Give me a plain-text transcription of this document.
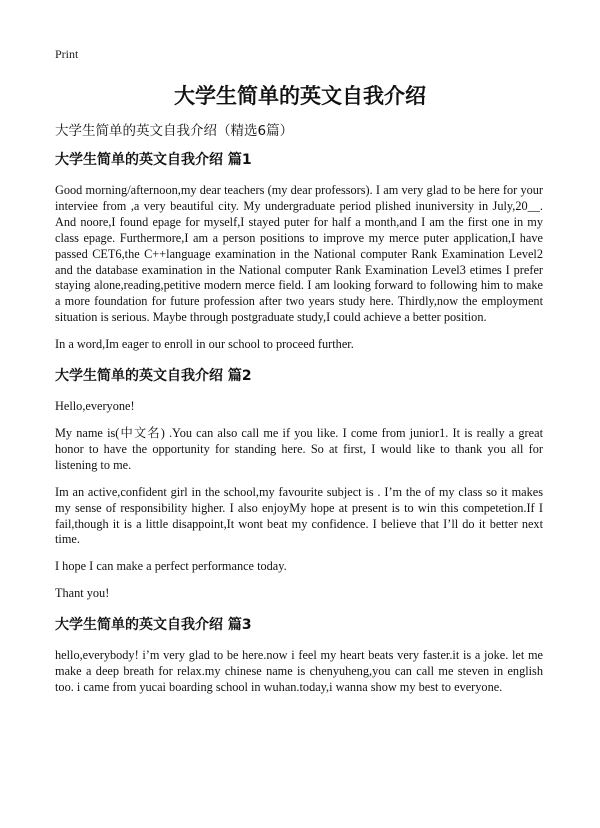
Print
大学生简单的英文自我介绍
大学生简单的英文自我介绍（精选6篇）
大学生简单的英文自我介绍 篇1

Good morning/afternoon,my dear teachers (my dear professors). I am very glad to be here for your interviee from ,a very beautiful city. My undergraduate period plished inuniversity in July,20__. And noore,I found epage for myself,I stayed puter for half a month,and I am the first one in my class epage. Furthermore,I am a person positions to improve my merce puter application,I have passed CET6,the C++language examination in the National computer Rank Examination Level2 and the database examination in the National computer Rank Examination Level3 etimes I prefer staying alone,reading,petitive modern merce field. I am looking forward to following him to make a more foundation for future profession after two years study here. Thirdly,now the employment situation is serious. Maybe through postgraduate study,I could achieve a better position.

In a word,Im eager to enroll in our school to proceed further.

大学生简单的英文自我介绍 篇2

Hello,everyone!

My name is(中文名) .You can also call me if you like. I come from junior1. It is really a great honor to have the opportunity for standing here. So at first, I would like to thank you all for listening to me.

Im an active,confident girl in the school,my favourite subject is . I’m the of my class so it makes my sense of responsibility higher. I also enjoyMy hope at present is to win this competetion.If I fail,though it is a little disappoint,It wont beat my confidence. I believe that I’ll do it better next time.

I hope I can make a perfect performance today.

Thant you!

大学生简单的英文自我介绍 篇3

hello,everybody! i’m very glad to be here.now i feel my heart beats very faster.it is a joke. let me make a deep breath for relax.my chinese name is chenyuheng,you can call me steven in english too. i came from yucai boarding school in wuhan.today,i wanna show my best to everyone.
